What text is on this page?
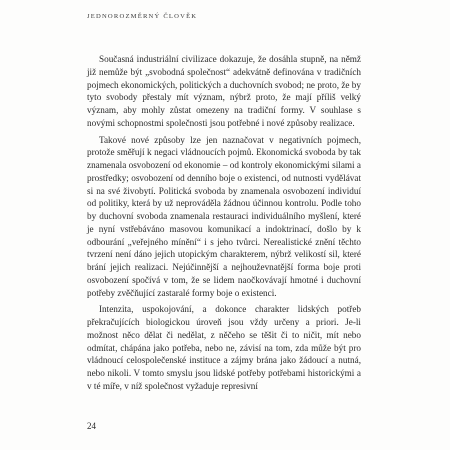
JEDNOROZMĚRNÝ ČLOVĚK

Současná industriální civilizace dokazuje, že dosáhla stupně, na němž již nemůže být „svobodná společnost“ adekvátně definována v tradičních pojmech ekonomických, politických a duchovních svobod; ne proto, že by tyto svobody přestaly mít význam, nýbrž proto, že mají příliš velký význam, aby mohly zůstat omezeny na tradiční formy. V souhlase s novými schopnostmi společnosti jsou potřebné i nové způsoby realizace.

Takové nové způsoby lze jen naznačovat v negativních pojmech, protože směřují k negaci vládnoucích pojmů. Ekonomická svoboda by tak znamenala osvobození od ekonomie – od kontroly ekonomickými silami a prostředky; osvobození od denního boje o existenci, od nutnosti vydělávat si na své živobytí. Politická svoboda by znamenala osvobození individuí od politiky, která by už neprováděla žádnou účinnou kontrolu. Podle toho by duchovní svoboda znamenala restauraci individuálního myšlení, které je nyní vstřebáváno masovou komunikací a indoktrinací, došlo by k odbourání „veřejného mínění“ i s jeho tvůrci. Nerealistické znění těchto tvrzení není dáno jejich utopickým charakterem, nýbrž velikostí sil, které brání jejich realizaci. Nejúčinnější a nejhouževnatější forma boje proti osvobození spočívá v tom, že se lidem naočkovávají hmotné i duchovní potřeby zvěčňující zastaralé formy boje o existenci.

Intenzita, uspokojování, a dokonce charakter lidských potřeb překračujících biologickou úroveň jsou vždy určeny a priori. Je-li možnost něco dělat či nedělat, z něčeho se těšit či to ničit, mít nebo odmítat, chápána jako potřeba, nebo ne, závisí na tom, zda může být pro vládnoucí celospolečenské instituce a zájmy brána jako žádoucí a nutná, nebo nikoli. V tomto smyslu jsou lidské potřeby potřebami historickými a v té míře, v níž společnost vyžaduje represivní

24
